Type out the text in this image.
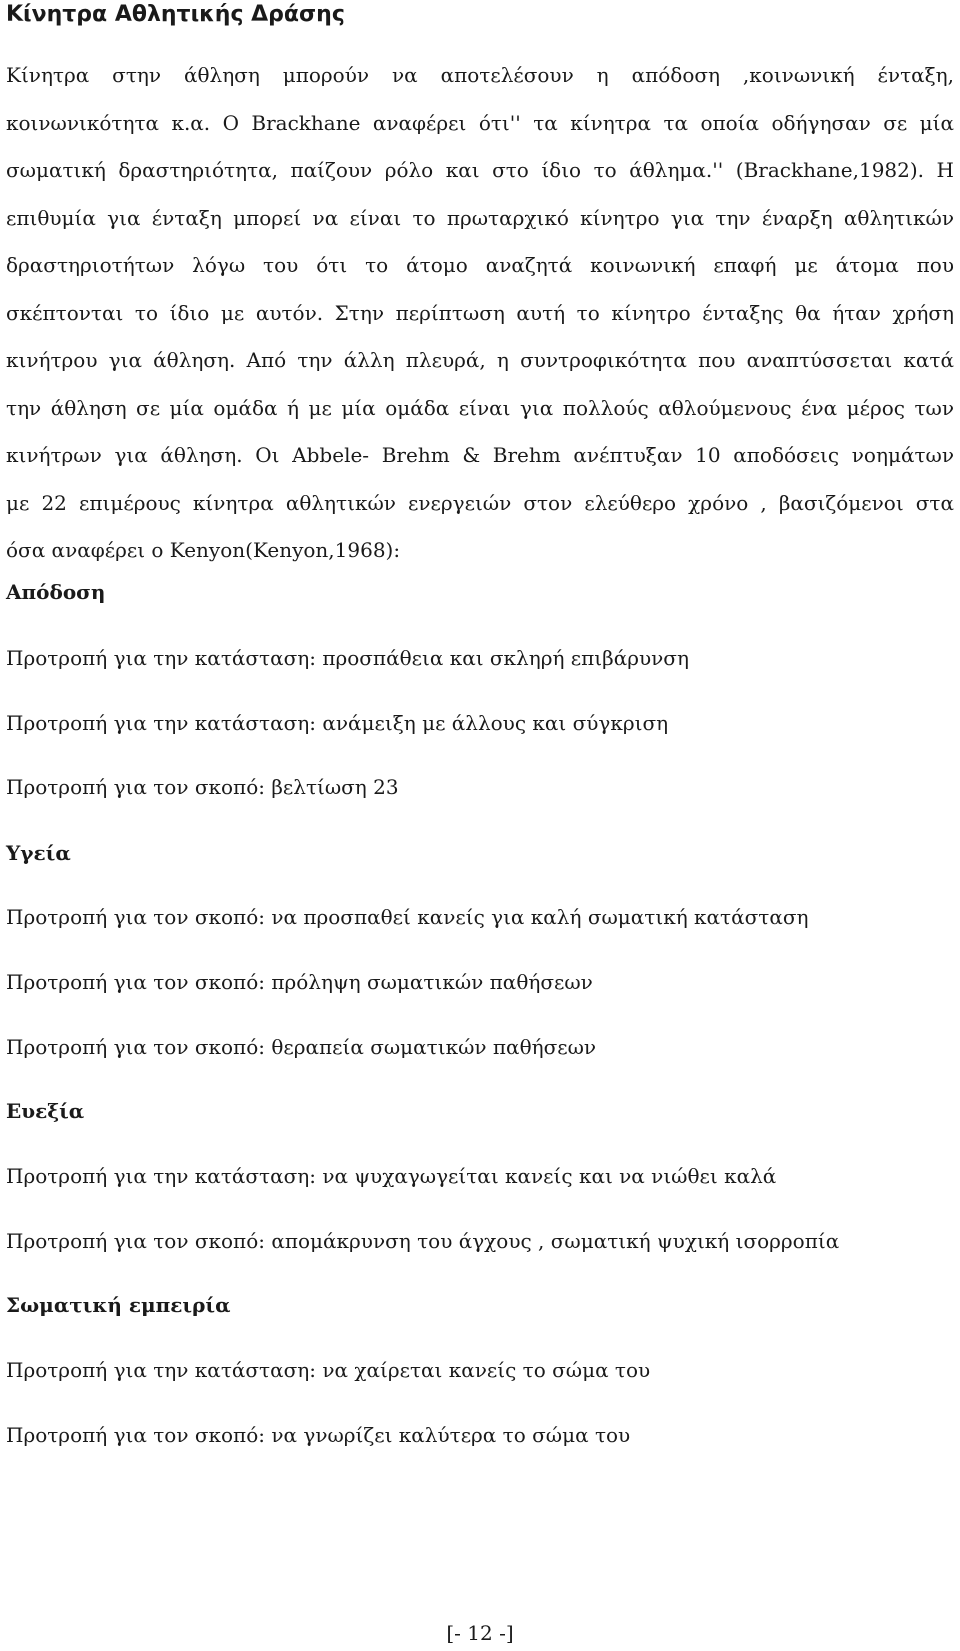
Κίνητρα Αθλητικής Δράσης
Κίνητρα στην άθληση μπορούν να αποτελέσουν η απόδοση ,κοινωνική ένταξη,
κοινωνικότητα κ.α. Ο Brackhane αναφέρει ότι'' τα κίνητρα τα οποία οδήγησαν σε μία
σωματική δραστηριότητα, παίζουν ρόλο και στο ίδιο το άθλημα.'' (Brackhane,1982). Η
επιθυμία για ένταξη μπορεί να είναι το πρωταρχικό κίνητρο για την έναρξη αθλητικών
δραστηριοτήτων λόγω του ότι το άτομο αναζητά κοινωνική επαφή με άτομα που
σκέπτονται το ίδιο με αυτόν. Στην περίπτωση αυτή το κίνητρο ένταξης θα ήταν χρήση
κινήτρου για άθληση. Από την άλλη πλευρά, η συντροφικότητα που αναπτύσσεται κατά
την άθληση σε μία ομάδα ή με μία ομάδα είναι για πολλούς αθλούμενους ένα μέρος των
κινήτρων για άθληση. Οι Abbele- Brehm & Brehm ανέπτυξαν 10 αποδόσεις νοημάτων
με 22 επιμέρους κίνητρα αθλητικών ενεργειών στον ελεύθερο χρόνο , βασιζόμενοι στα
όσα αναφέρει ο Kenyon(Kenyon,1968):
Απόδοση
Προτροπή για την κατάσταση: προσπάθεια και σκληρή επιβάρυνση
Προτροπή για την κατάσταση: ανάμειξη με άλλους και σύγκριση
Προτροπή για τον σκοπό: βελτίωση 23
Υγεία
Προτροπή για τον σκοπό: να προσπαθεί κανείς για καλή σωματική κατάσταση
Προτροπή για τον σκοπό: πρόληψη σωματικών παθήσεων
Προτροπή για τον σκοπό: θεραπεία σωματικών παθήσεων
Ευεξία
Προτροπή για την κατάσταση: να ψυχαγωγείται κανείς και να νιώθει καλά
Προτροπή για τον σκοπό: απομάκρυνση του άγχους , σωματική ψυχική ισορροπία
Σωματική εμπειρία
Προτροπή για την κατάσταση: να χαίρεται κανείς το σώμα του
Προτροπή για τον σκοπό: να γνωρίζει καλύτερα το σώμα του
[- 12 -]
